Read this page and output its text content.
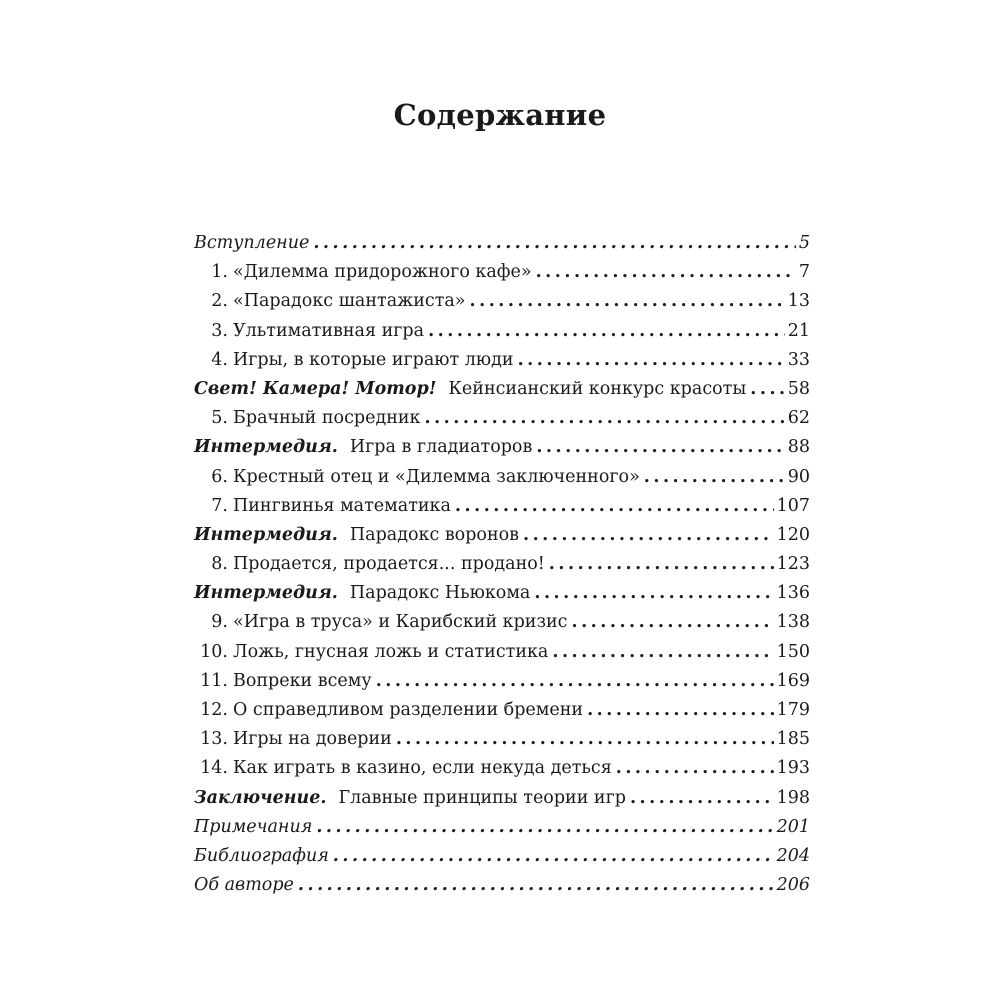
Содержание
Вступление .....	5
1. «Дилемма придорожного кафе» .....	7
2. «Парадокс шантажиста» .....	13
3. Ультимативная игра .....	21
4. Игры, в которые играют люди .....	33
Свет! Камера! Мотор! Кейнсианский конкурс красоты ..... 58
5. Брачный посредник .....	62
Интермедия. Игра в гладиаторов .....	88
6. Крестный отец и «Дилемма заключенного» .....	90
7. Пингвинья математика .....	107
Интермедия. Парадокс воронов .....	120
8. Продается, продается... продано! .....	123
Интермедия. Парадокс Ньюкома .....	136
9. «Игра в труса» и Карибский кризис .....	138
10. Ложь, гнусная ложь и статистика .....	150
11. Вопреки всему .....	169
12. О справедливом разделении бремени .....	179
13. Игры на доверии .....	185
14. Как играть в казино, если некуда деться .....	193
Заключение. Главные принципы теории игр .....	198
Примечания .....	201
Библиография .....	204
Об авторе .....	206
